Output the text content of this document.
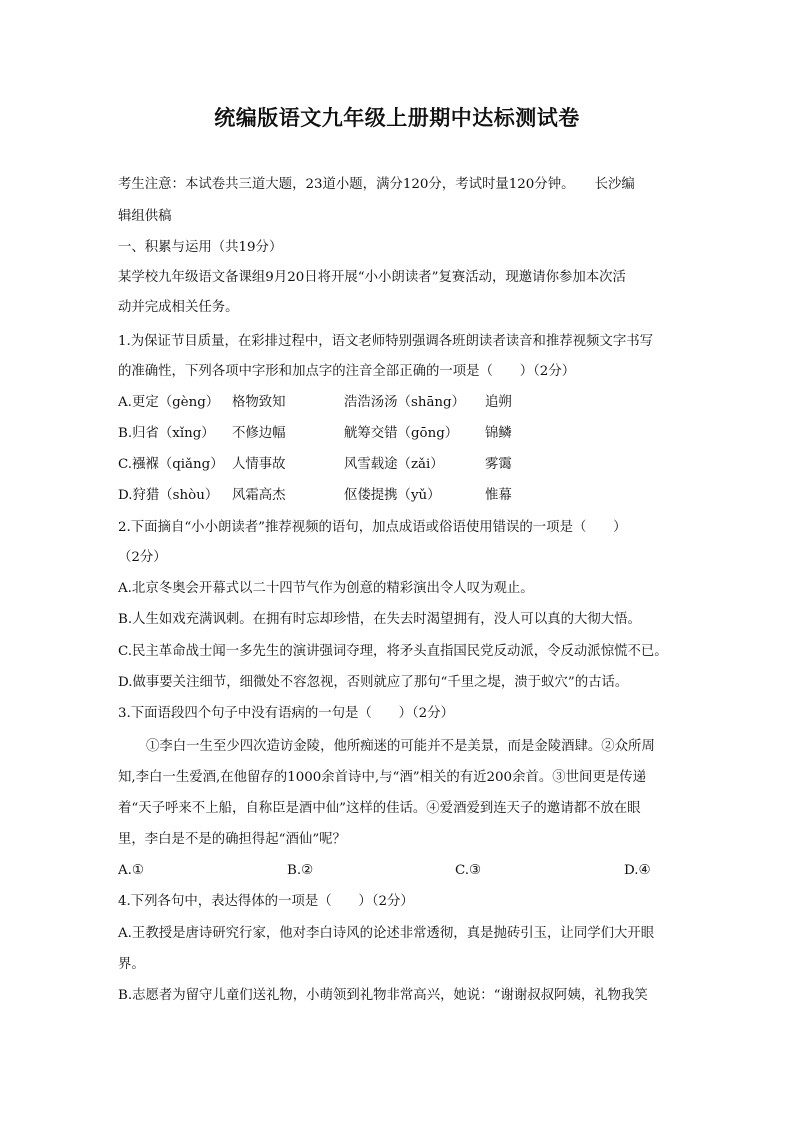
统编版语文九年级上册期中达标测试卷
考生注意：本试卷共三道大题，23道小题，满分120分，考试时量120分钟。　　长沙编
辑组供稿
一、积累与运用（共19分）
某学校九年级语文备课组9月20日将开展“小小朗读者”复赛活动，现邀请你参加本次活
动并完成相关任务。
1.为保证节目质量，在彩排过程中，语文老师特别强调各班朗读者读音和推荐视频文字书写
的准确性，下列各项中字形和加点字的注音全部正确的一项是（　　）（2分）
A.更定（gèng） 格物致知	浩浩汤汤（shāng） 追朔
B.归省（xǐng） 不修边幅	觥筹交错（gōng） 锦鳞
C.襁褓（qiǎng） 人情事故	风雪载途（zǎi）	雾霭
D.狩猎（shòu） 风霜高杰	伛偻提携（yǔ）	惟幕
2.下面摘自“小小朗读者”推荐视频的语句，加点成语或俗语使用错误的一项是（　　）
（2分）
A.北京冬奥会开幕式以二十四节气作为创意的精彩演出令人叹为观止。
B.人生如戏充满讽刺。在拥有时忘却珍惜，在失去时渴望拥有，没人可以真的大彻大悟。
C.民主革命战士闻一多先生的演讲强词夺理，将矛头直指国民党反动派，令反动派惊慌不已。
D.做事要关注细节，细微处不容忽视，否则就应了那句“千里之堤，溃于蚁穴”的古话。
3.下面语段四个句子中没有语病的一句是（　　）（2分）
①李白一生至少四次造访金陵，他所痴迷的可能并不是美景，而是金陵酒肆。②众所周
知,李白一生爱酒,在他留存的1000余首诗中,与“酒”相关的有近200余首。③世间更是传递
着“天子呼来不上船，自称臣是酒中仙”这样的佳话。④爱酒爱到连天子的邀请都不放在眼
里，李白是不是的确担得起“酒仙”呢？
A.①	B.②	C.③	D.④
4.下列各句中，表达得体的一项是（　　）（2分）
A.王教授是唐诗研究行家，他对李白诗风的论述非常透彻，真是抛砖引玉，让同学们大开眼
界。
B.志愿者为留守儿童们送礼物，小萌领到礼物非常高兴，她说：“谢谢叔叔阿姨，礼物我笑
